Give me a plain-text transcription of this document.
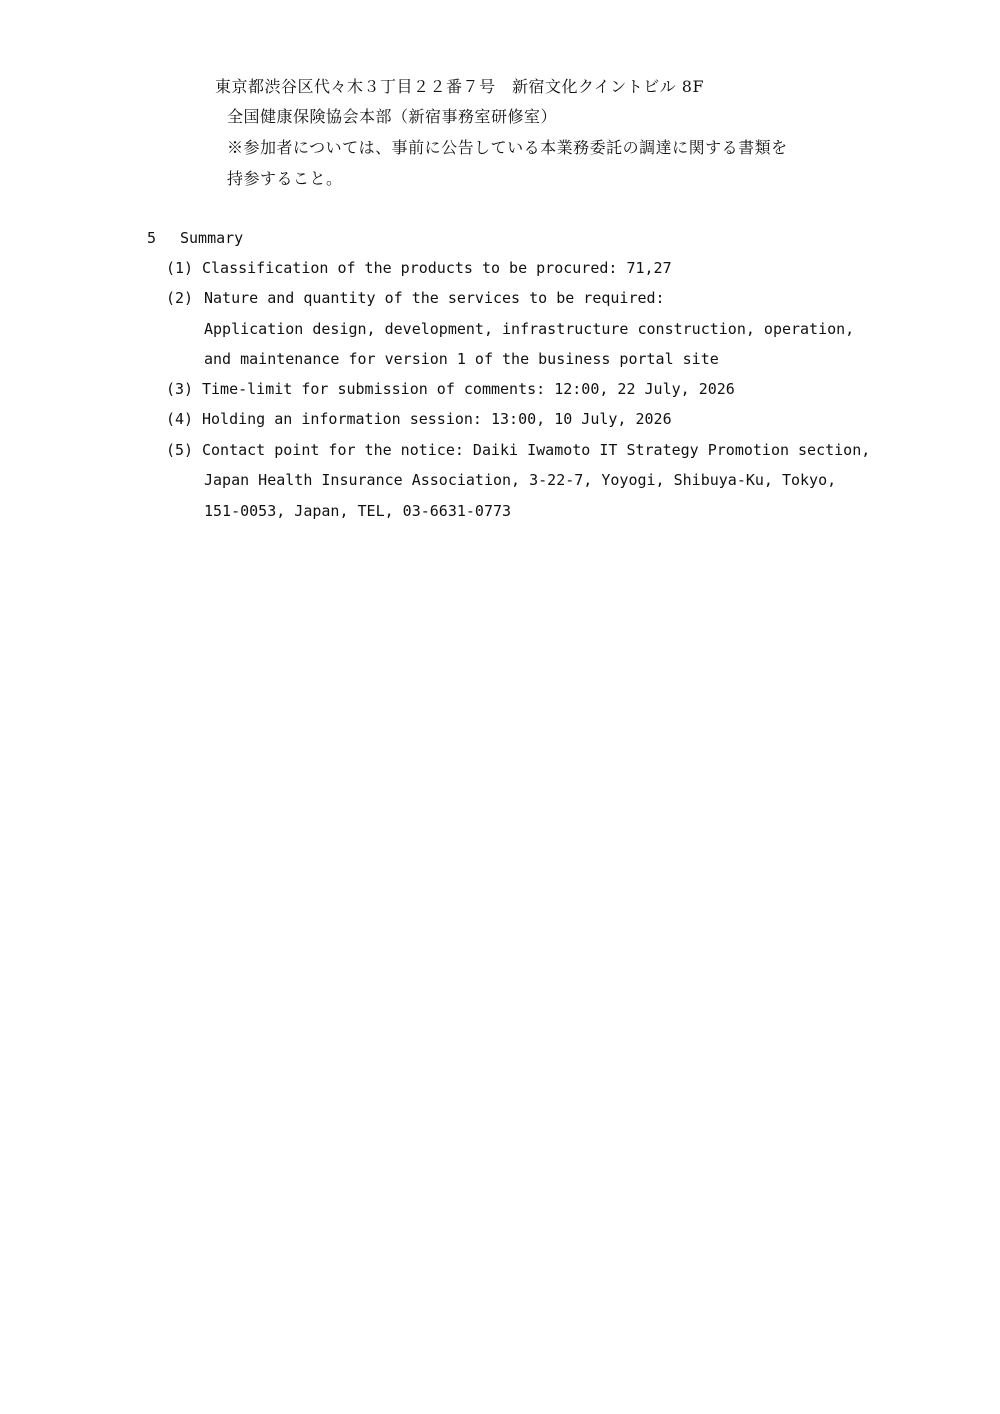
東京都渋谷区代々木３丁目２２番７号　新宿文化クイントビル 8F
全国健康保険協会本部（新宿事務室研修室）
※参加者については、事前に公告している本業務委託の調達に関する書類を
持参すること。
5 Summary
(1) Classification of the products to be procured: 71,27
(2) Nature and quantity of the services to be required:
Application design, development, infrastructure construction, operation,
and maintenance for version 1 of the business portal site
(3) Time-limit for submission of comments: 12:00, 22 July, 2026
(4) Holding an information session: 13:00, 10 July, 2026
(5) Contact point for the notice: Daiki Iwamoto IT Strategy Promotion section,
Japan Health Insurance Association, 3-22-7, Yoyogi, Shibuya-Ku, Tokyo,
151-0053, Japan, TEL, 03-6631-0773
